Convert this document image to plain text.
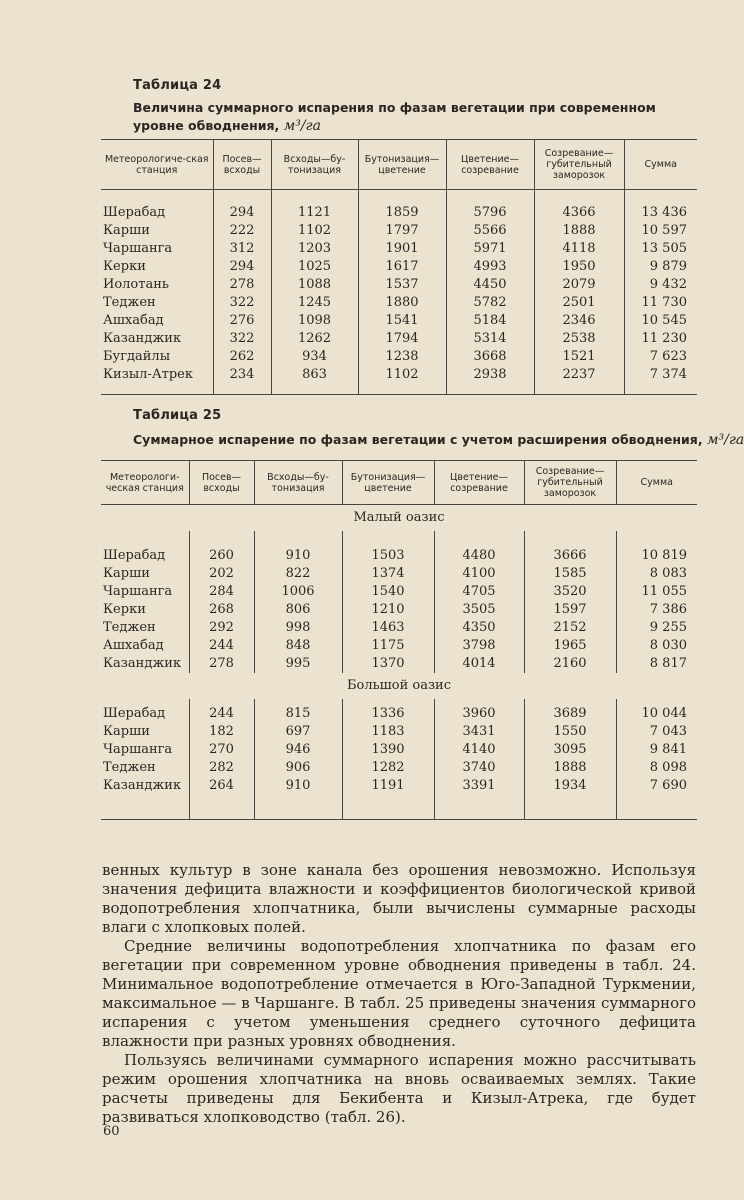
Таблица 24
Величина суммарного испарения по фазам вегетации при современном уровне обводнения, м³/га
Метеорологиче-ская станция	Посев—всходы	Всходы—бу-тонизация	Бутонизация—цветение	Цветение—созревание	Созревание—губительный заморозок	Сумма

Шерабад	294	1121	1859	5796	4366	13 436
Карши	222	1102	1797	5566	1888	10 597
Чаршанга	312	1203	1901	5971	4118	13 505
Керки	294	1025	1617	4993	1950	9 879
Иолотань	278	1088	1537	4450	2079	9 432
Теджен	322	1245	1880	5782	2501	11 730
Ашхабад	276	1098	1541	5184	2346	10 545
Казанджик	322	1262	1794	5314	2538	11 230
Бугдайлы	262	934	1238	3668	1521	7 623
Кизыл-Атрек	234	863	1102	2938	2237	7 374

Таблица 25
Суммарное испарение по фазам вегетации с учетом расширения обводнения, м³/га
Метеорологи-ческая станция	Посев—всходы	Всходы—бу-тонизация	Бутонизация—цветение	Цветение—созревание	Созревание—губительный заморозок	Сумма
Малый оазис						

Шерабад	260	910	1503	4480	3666	10 819
Карши	202	822	1374	4100	1585	8 083
Чаршанга	284	1006	1540	4705	3520	11 055
Керки	268	806	1210	3505	1597	7 386
Теджен	292	998	1463	4350	2152	9 255
Ашхабад	244	848	1175	3798	1965	8 030
Казанджик	278	995	1370	4014	2160	8 817
Большой оазис						

Шерабад	244	815	1336	3960	3689	10 044
Карши	182	697	1183	3431	1550	7 043
Чаршанга	270	946	1390	4140	3095	9 841
Теджен	282	906	1282	3740	1888	8 098
Казанджик	264	910	1191	3391	1934	7 690

венных культур в зоне канала без орошения невозможно. Используя значения дефицита влажности и коэффициентов биологической кривой водопотребления хлопчатника, были вычислены суммарные расходы влаги с хлопковых полей.

Средние величины водопотребления хлопчатника по фазам его вегетации при современном уровне обводнения приведены в табл. 24. Минимальное водопотребление отмечается в Юго-Западной Туркмении, максимальное — в Чаршанге. В табл. 25 приведены значения суммарного испарения с учетом уменьшения среднего суточного дефицита влажности при разных уровнях обводнения.

Пользуясь величинами суммарного испарения можно рассчитывать режим орошения хлопчатника на вновь осваиваемых землях. Такие расчеты приведены для Бекибента и Кизыл-Атрека, где будет развиваться хлопководство (табл. 26).

60
